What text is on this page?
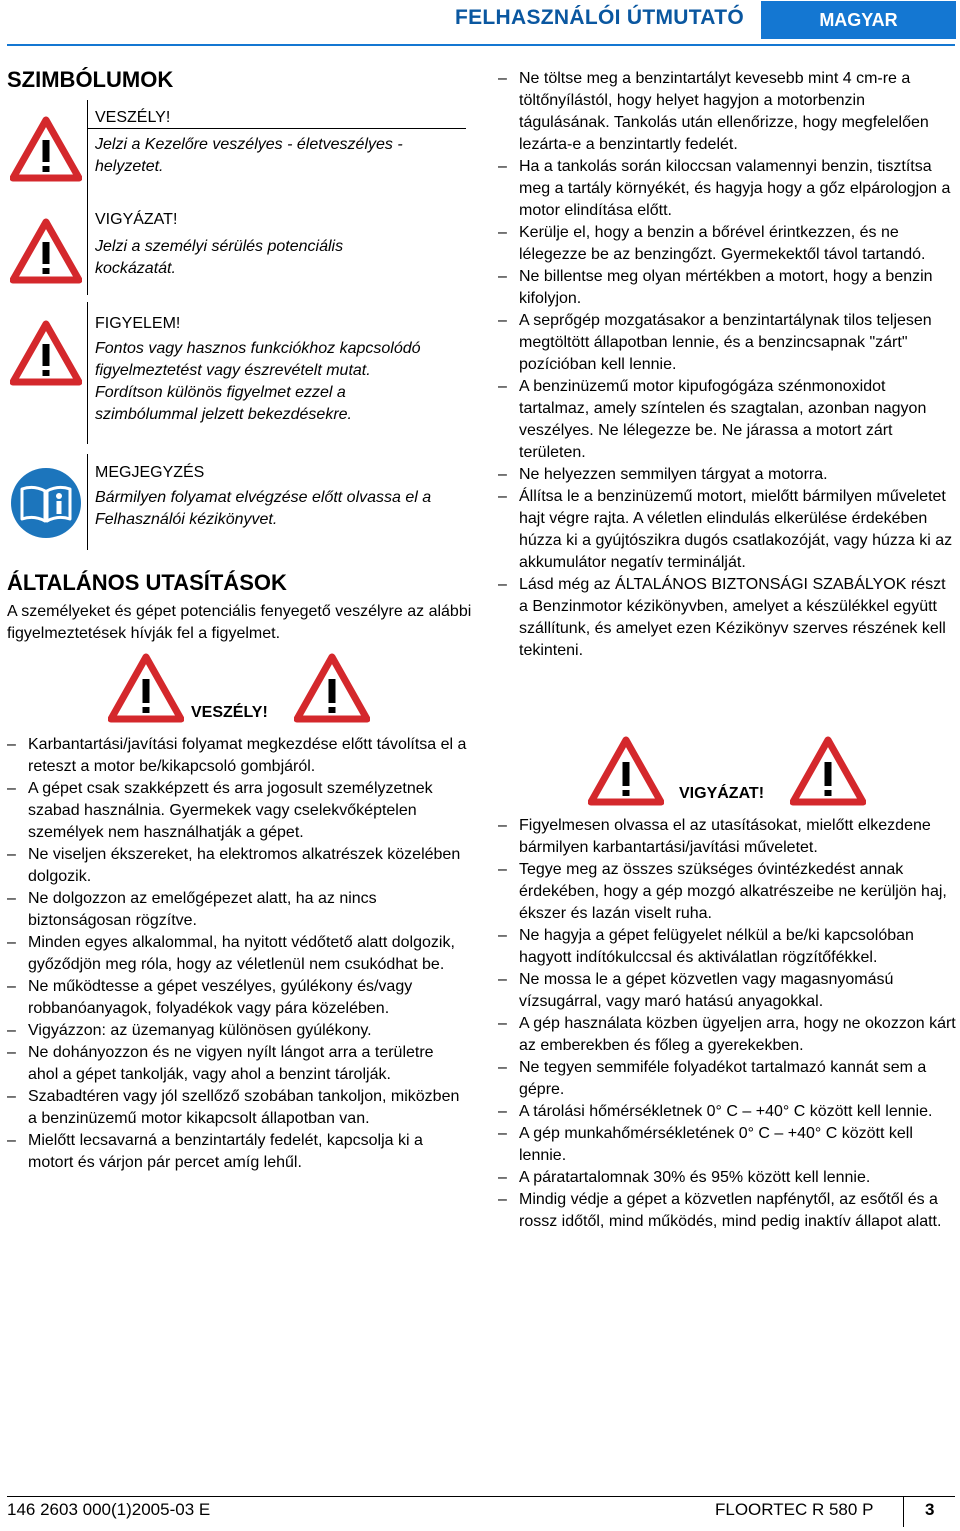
FELHASZNÁLÓI ÚTMUTATÓ	MAGYAR
SZIMBÓLUMOK
VESZÉLY!
Jelzi a Kezelőre veszélyes - életveszélyes - helyzetet.
VIGYÁZAT!
Jelzi a személyi sérülés potenciális kockázatát.
FIGYELEM!
Fontos vagy hasznos funkciókhoz kapcsolódó figyelmeztetést vagy észrevételt mutat. Fordítson különös figyelmet ezzel a szimbólummal jelzett bekezdésekre.
MEGJEGYZÉS
Bármilyen folyamat elvégzése előtt olvassa el a Felhasználói kézikönyvet.
ÁLTALÁNOS UTASÍTÁSOK
A személyeket és gépet potenciális fenyegető veszélyre az alábbi figyelmeztetések hívják fel a figyelmet.
VESZÉLY!
– Karbantartási/javítási folyamat megkezdése előtt távolítsa el a reteszt a motor be/kikapcsoló gombjáról.
– A gépet csak szakképzett és arra jogosult személyzetnek szabad használnia. Gyermekek vagy cselekvőképtelen személyek nem használhatják a gépet.
– Ne viseljen ékszereket, ha elektromos alkatrészek közelében dolgozik.
– Ne dolgozzon az emelőgépezet alatt, ha az nincs biztonságosan rögzítve.
– Minden egyes alkalommal, ha nyitott védőtető alatt dolgozik, győződjön meg róla, hogy az véletlenül nem csukódhat be.
– Ne működtesse a gépet veszélyes, gyúlékony és/vagy robbanóanyagok, folyadékok vagy pára közelében.
– Vigyázzon: az üzemanyag különösen gyúlékony.
– Ne dohányozzon és ne vigyen nyílt lángot arra a területre ahol a gépet tankolják, vagy ahol a benzint tárolják.
– Szabadtéren vagy jól szellőző szobában tankoljon, miközben a benzinüzemű motor kikapcsolt állapotban van.
– Mielőtt lecsavarná a benzintartály fedelét, kapcsolja ki a motort és várjon pár percet amíg lehűl.
– Ne töltse meg a benzintartályt kevesebb mint 4 cm-re a töltőnyílástól, hogy helyet hagyjon a motorbenzin tágulásának. Tankolás után ellenőrizze, hogy megfelelően lezárta-e a benzintartly fedelét.
– Ha a tankolás során kiloccsan valamennyi benzin, tisztítsa meg a tartály környékét, és hagyja hogy a gőz elpárologjon a motor elindítása előtt.
– Kerülje el, hogy a benzin a bőrével érintkezzen, és ne lélegezze be az benzingőzt. Gyermekektől távol tartandó.
– Ne billentse meg olyan mértékben a motort, hogy a benzin kifolyjon.
– A seprőgép mozgatásakor a benzintartálynak tilos teljesen megtöltött állapotban lennie, és a benzincsapnak "zárt" pozícióban kell lennie.
– A benzinüzemű motor kipufogógáza szénmonoxidot tartalmaz, amely színtelen és szagtalan, azonban nagyon veszélyes. Ne lélegezze be. Ne járassa a motort zárt területen.
– Ne helyezzen semmilyen tárgyat a motorra.
– Állítsa le a benzinüzemű motort, mielőtt bármilyen műveletet hajt végre rajta. A véletlen elindulás elkerülése érdekében húzza ki a gyújtószikra dugós csatlakozóját, vagy húzza ki az akkumulátor negatív terminálját.
– Lásd még az ÁLTALÁNOS BIZTONSÁGI SZABÁLYOK részt a Benzinmotor kézikönyvben, amelyet a készülékkel együtt szállítunk, és amelyet ezen Kézikönyv szerves részének kell tekinteni.
VIGYÁZAT!
– Figyelmesen olvassa el az utasításokat, mielőtt elkezdene bármilyen karbantartási/javítási műveletet.
– Tegye meg az összes szükséges óvintézkedést annak érdekében, hogy a gép mozgó alkatrészeibe ne kerüljön haj, ékszer és lazán viselt ruha.
– Ne hagyja a gépet felügyelet nélkül a be/ki kapcsolóban hagyott indítókulccsal és aktiválatlan rögzítőfékkel.
– Ne mossa le a gépet közvetlen vagy magasnyomású vízsugárral, vagy maró hatású anyagokkal.
– A gép használata közben ügyeljen arra, hogy ne okozzon kárt az emberekben és főleg a gyerekekben.
– Ne tegyen semmiféle folyadékot tartalmazó kannát sem a gépre.
– A tárolási hőmérsékletnek 0° C – +40° C között kell lennie.
– A gép munkahőmérsékletének 0° C – +40° C között kell lennie.
– A páratartalomnak 30% és 95% között kell lennie.
– Mindig védje a gépet a közvetlen napfénytől, az esőtől és a rossz időtől, mind működés, mind pedig inaktív állapot alatt.
146 2603 000(1)2005-03 E	FLOORTEC R 580 P	3
